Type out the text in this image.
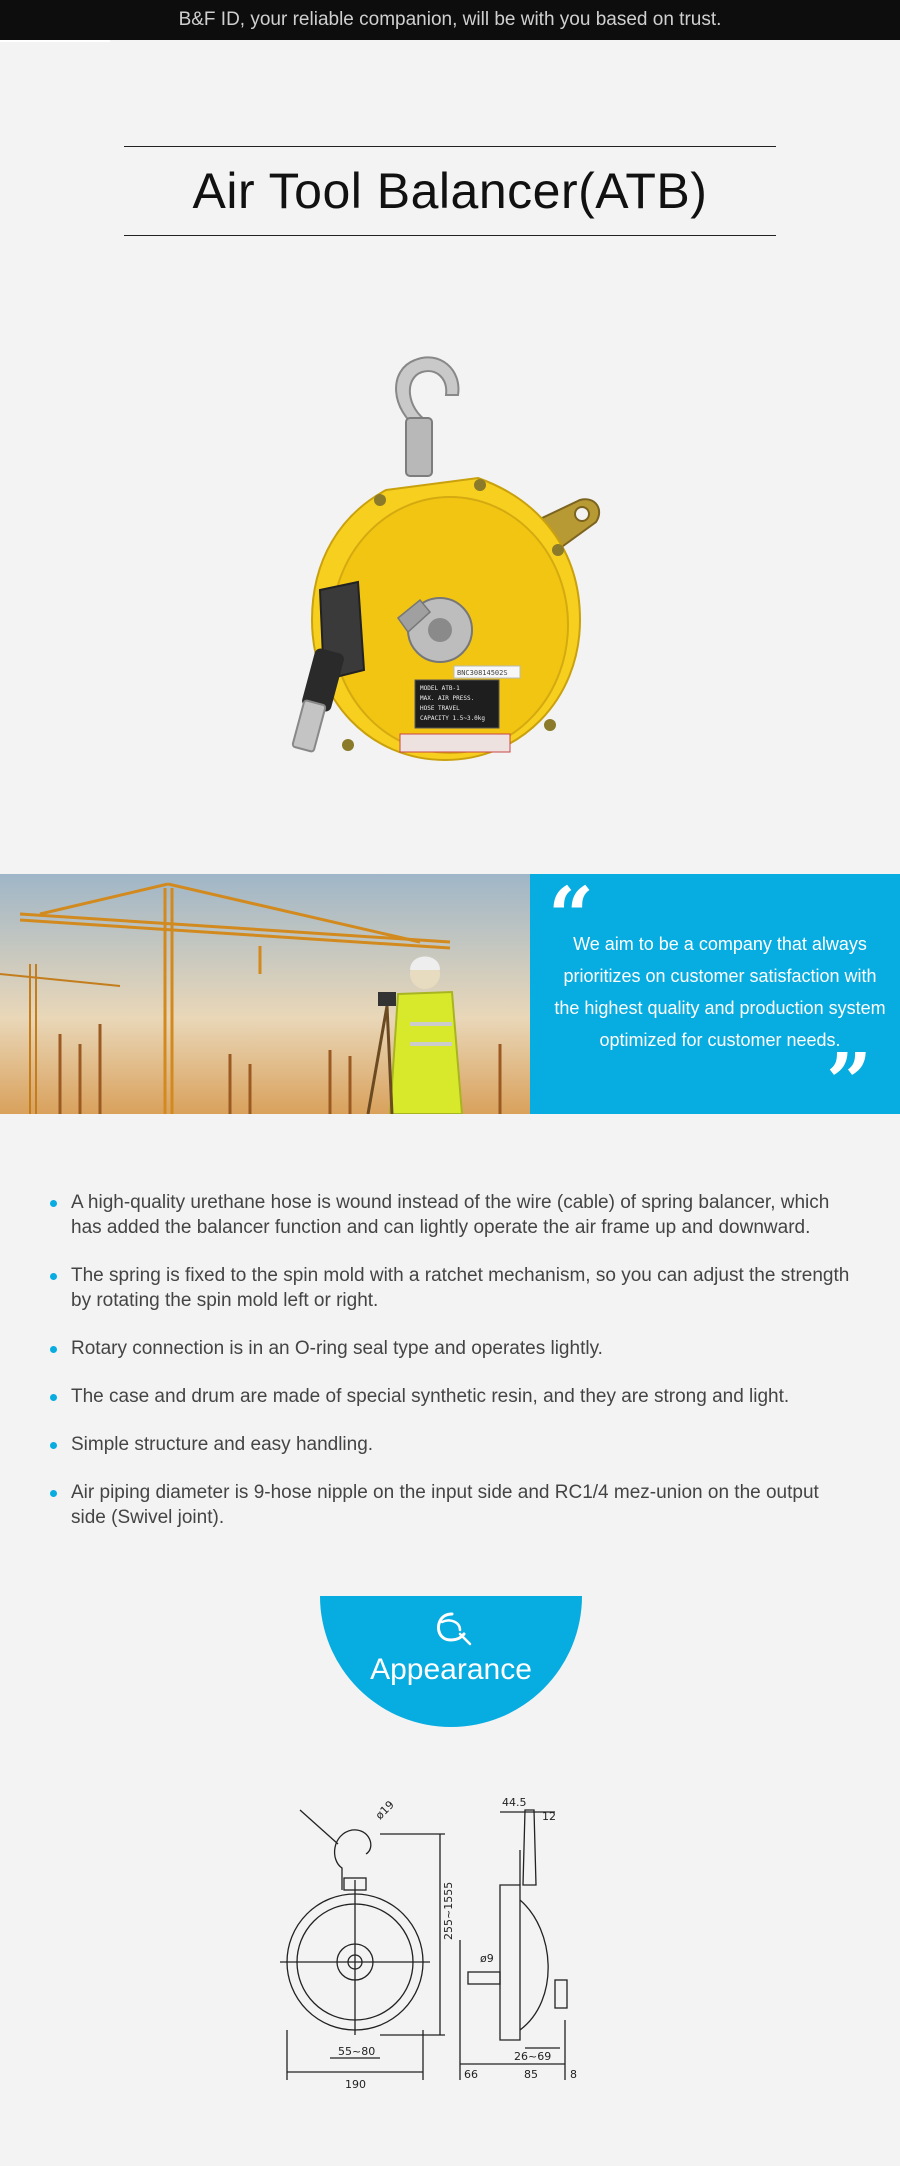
B&F ID, your reliable companion, will be with you based on trust.
Air Tool Balancer(ATB)
MODEL ATB-1
MAX. AIR PRESS.
HOSE TRAVEL
CAPACITY 1.5~3.0kg
BNC30814502S
“

We aim to be a company that always prioritizes on customer satisfaction with the highest quality and production system optimized for customer needs.

”
A high-quality urethane hose is wound instead of the wire (cable) of spring balancer, which has added the balancer function and can lightly operate the air frame up and downward.
The spring is fixed to the spin mold with a ratchet mechanism, so you can adjust the strength by rotating the spin mold left or right.
Rotary connection is in an O-ring seal type and operates lightly.
The case and drum are made of special synthetic resin, and they are strong and light.
Simple structure and easy handling.
Air piping diameter is 9-hose nipple on the input side and RC1/4 mez-union on the output side (Swivel joint).
Appearance
ø19
255~1555
55~80
190
ø9
44.5
12
66	85	8
26~69
